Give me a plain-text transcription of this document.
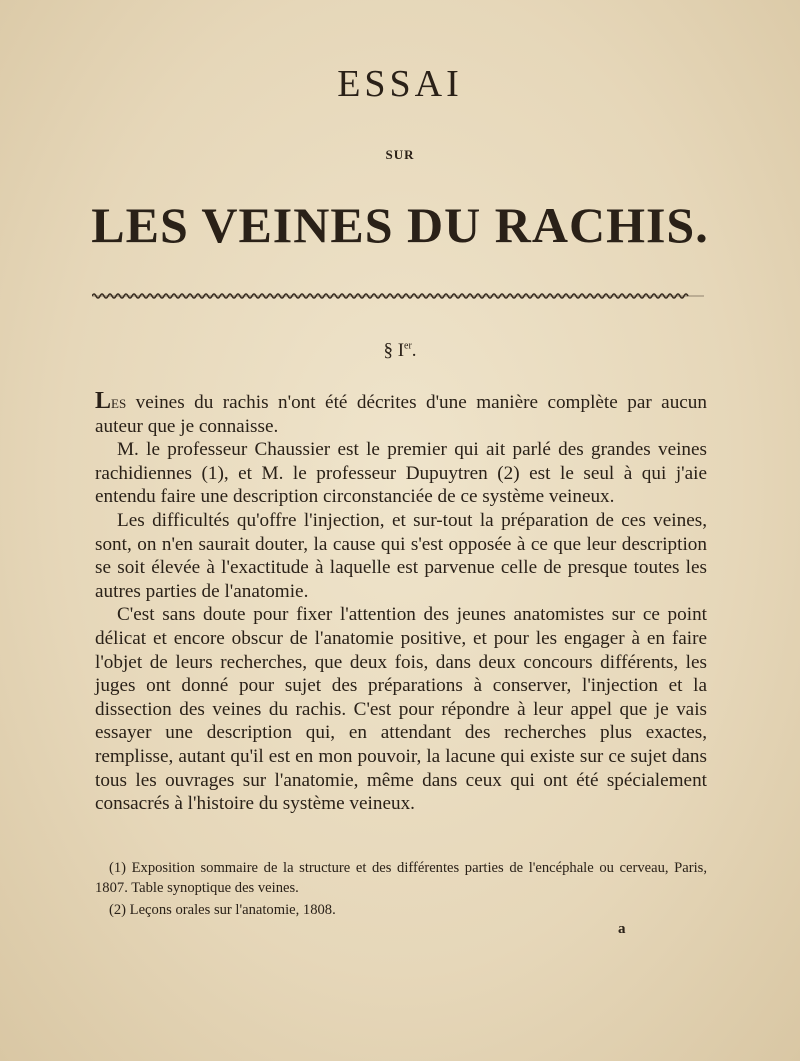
ESSAI
SUR
LES VEINES DU RACHIS.
§ Ier.

Les veines du rachis n'ont été décrites d'une manière complète par aucun auteur que je connaisse.

M. le professeur Chaussier est le premier qui ait parlé des grandes veines rachidiennes (1), et M. le professeur Dupuytren (2) est le seul à qui j'aie entendu faire une description circonstanciée de ce système veineux.

Les difficultés qu'offre l'injection, et sur-tout la préparation de ces veines, sont, on n'en saurait douter, la cause qui s'est opposée à ce que leur description se soit élevée à l'exactitude à laquelle est parvenue celle de presque toutes les autres parties de l'anatomie.

C'est sans doute pour fixer l'attention des jeunes anatomistes sur ce point délicat et encore obscur de l'anatomie positive, et pour les engager à en faire l'objet de leurs recherches, que deux fois, dans deux concours différents, les juges ont donné pour sujet des préparations à conserver, l'injection et la dissection des veines du rachis. C'est pour répondre à leur appel que je vais essayer une description qui, en attendant des recherches plus exactes, remplisse, autant qu'il est en mon pouvoir, la lacune qui existe sur ce sujet dans tous les ouvrages sur l'anatomie, même dans ceux qui ont été spécialement consacrés à l'histoire du système veineux.

(1) Exposition sommaire de la structure et des différentes parties de l'encéphale ou cerveau, Paris, 1807. Table synoptique des veines.

(2) Leçons orales sur l'anatomie, 1808.

a
